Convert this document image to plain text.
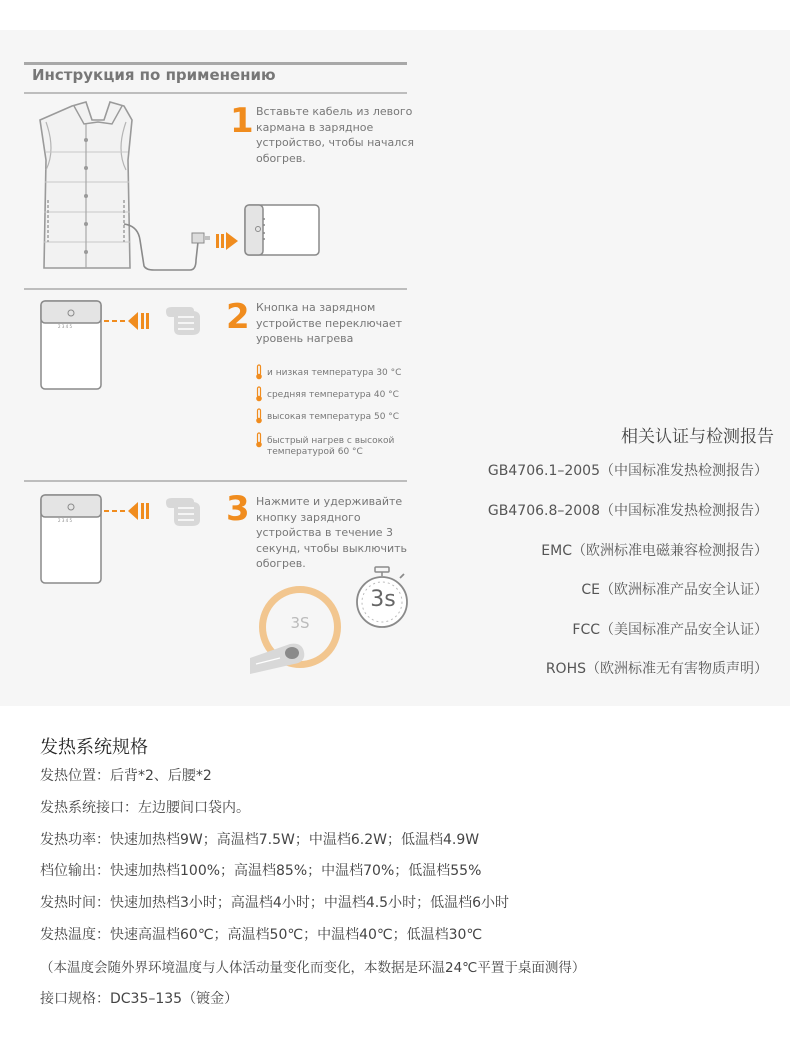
Инструкция по применению
1 Вставьте кабель из левого кармана в зарядное устройство, чтобы начался обогрев.
2 3 4 5	2 Кнопка на зарядном устройстве переключает уровень нагрева
и низкая температура 30 °C
средняя температура 40 °C
высокая температура 50 °C
быстрый нагрев с высокой температурой 60 °C
2 3 4 5	3 Нажмите и удерживайте кнопку зарядного устройства в течение 3 секунд, чтобы выключить обогрев.
3s
3S
相关认证与检测报告
GB4706.1–2005（中国标准发热检测报告）
GB4706.8–2008（中国标准发热检测报告）
EMC（欧洲标准电磁兼容检测报告）
CE（欧洲标准产品安全认证）
FCC（美国标准产品安全认证）
ROHS（欧洲标准无有害物质声明）
发热系统规格
发热位置：后背*2、后腰*2
发热系统接口：左边腰间口袋内。
发热功率：快速加热档9W；高温档7.5W；中温档6.2W；低温档4.9W
档位输出：快速加热档100%；高温档85%；中温档70%；低温档55%
发热时间：快速加热档3小时；高温档4小时；中温档4.5小时；低温档6小时
发热温度：快速高温档60℃；高温档50℃；中温档40℃；低温档30℃
（本温度会随外界环境温度与人体活动量变化而变化，本数据是环温24℃平置于桌面测得）
接口规格：DC35–135（镀金）
